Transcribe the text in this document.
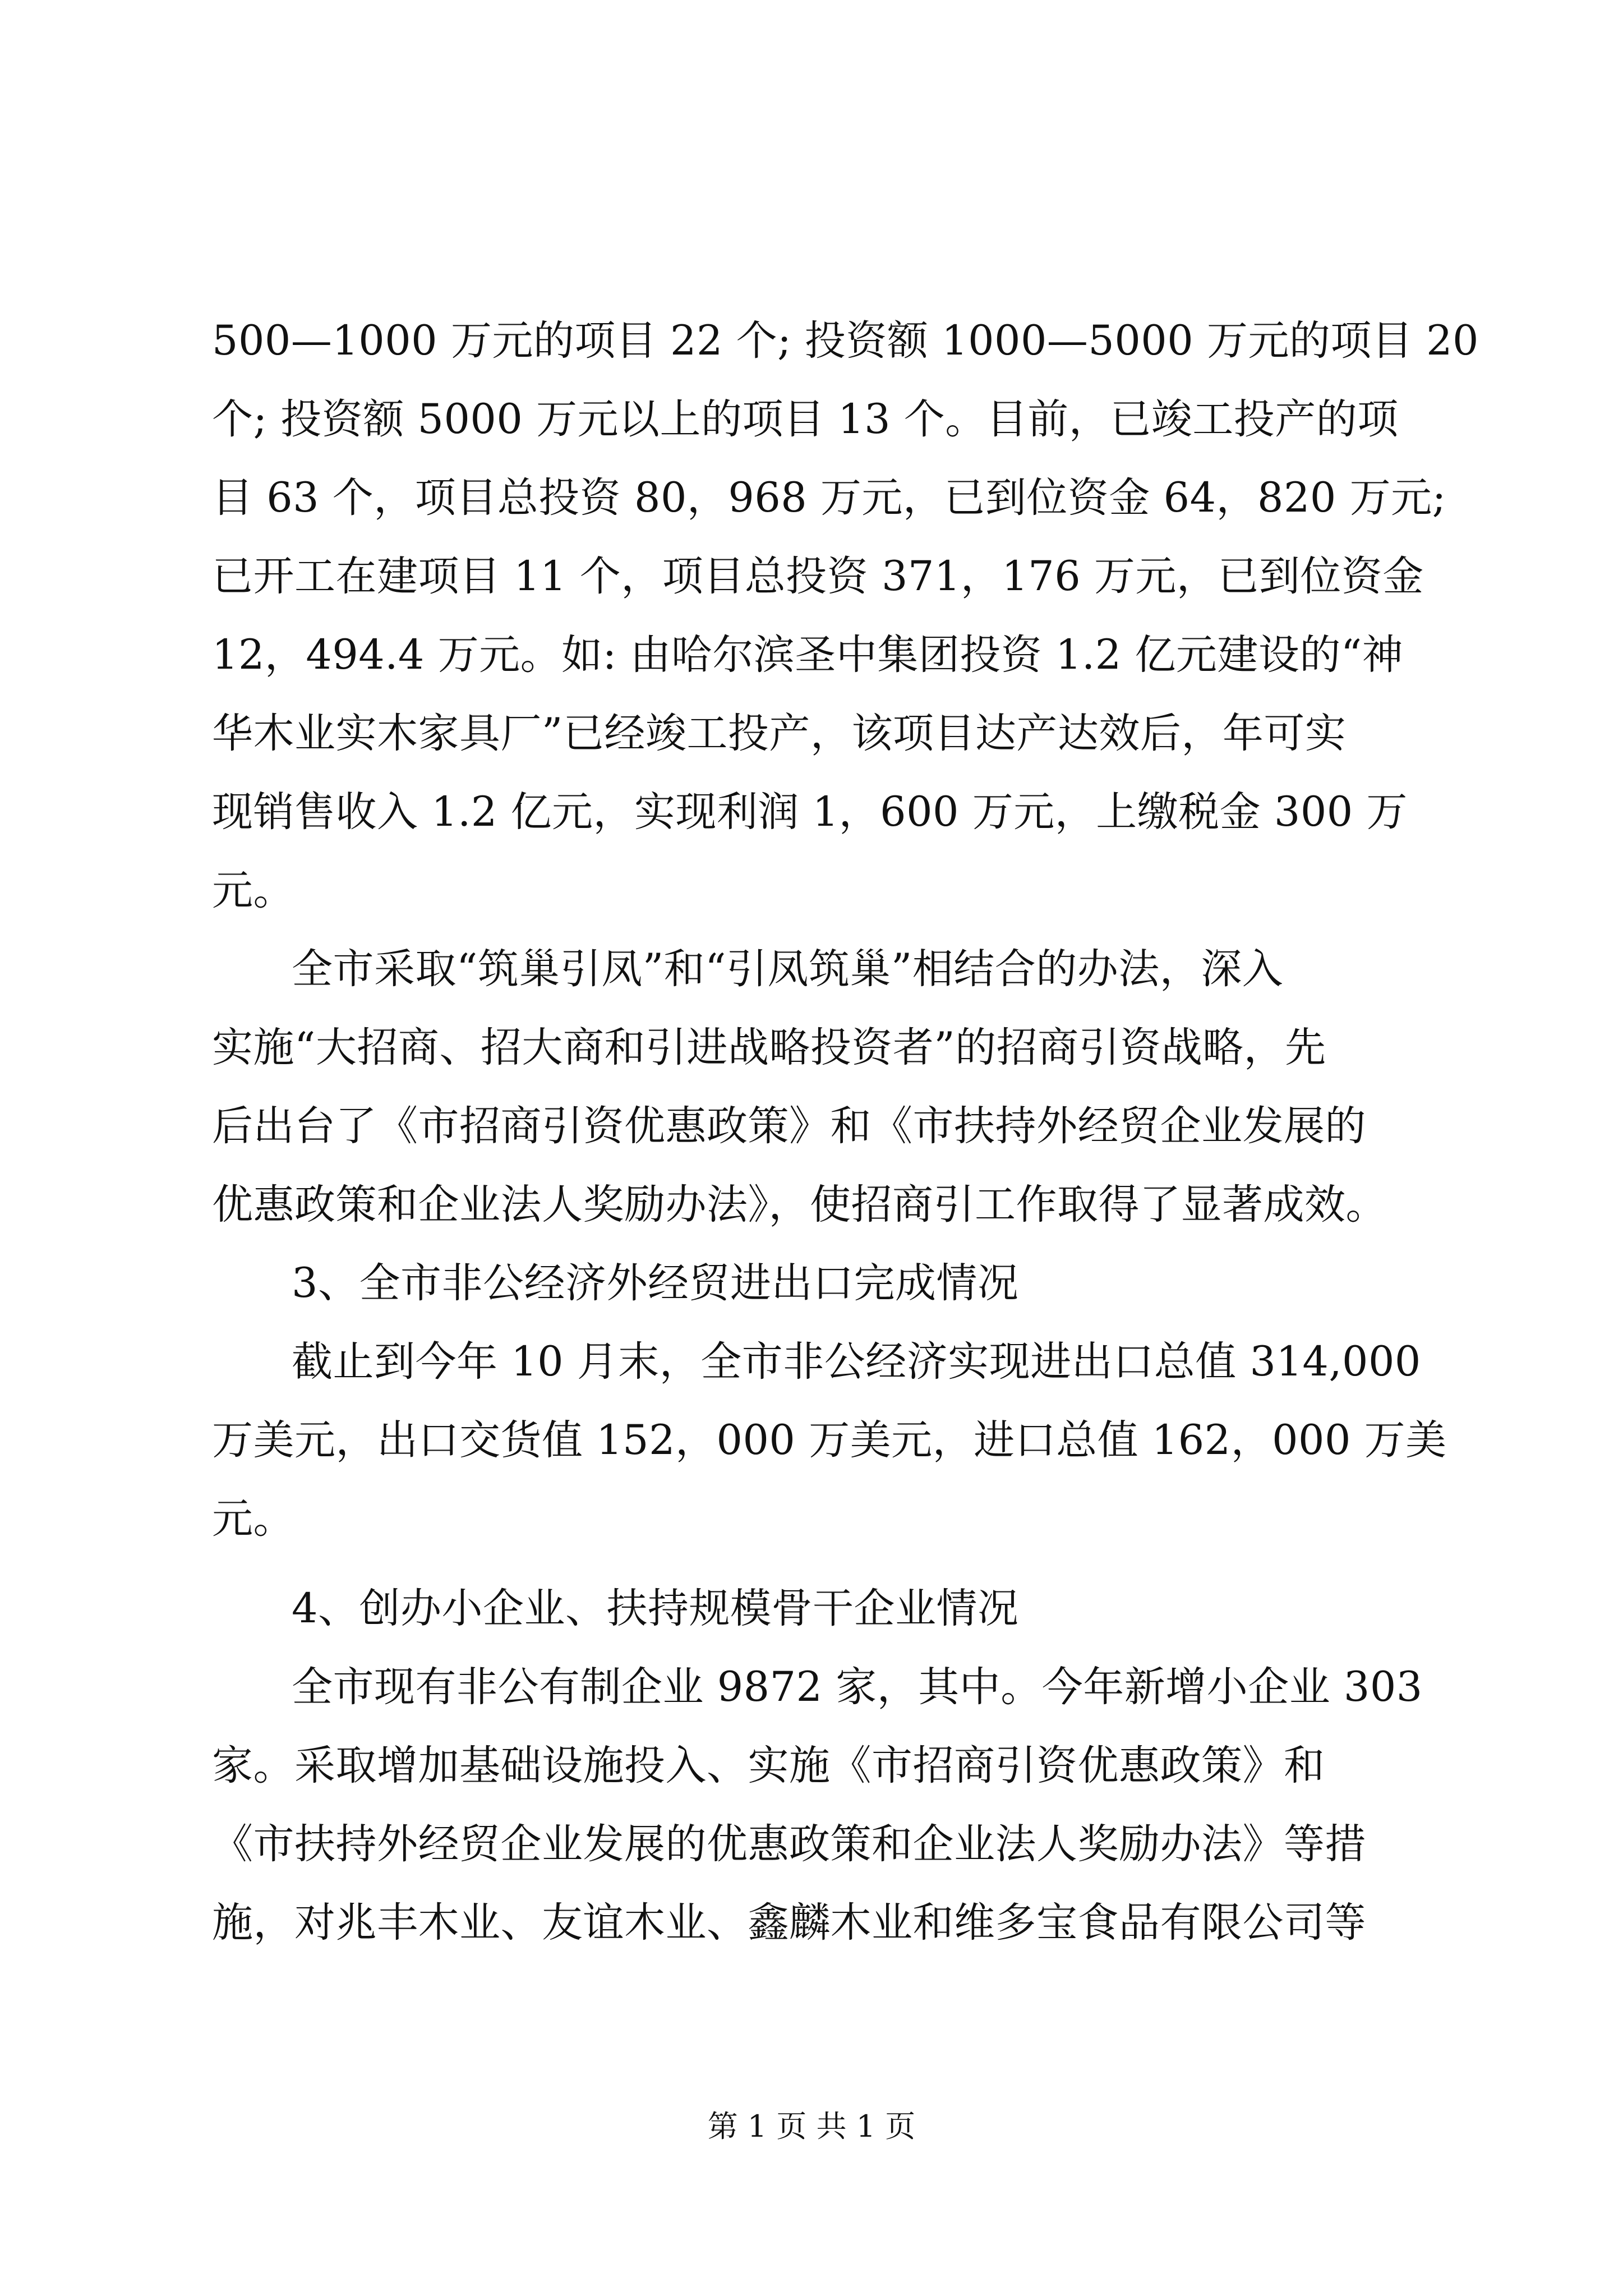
500—1000 万元的项目 22 个; 投资额 1000—5000 万元的项目 20
个; 投资额 5000 万元以上的项目 13 个。目前，已竣工投产的项
目 63 个，项目总投资 80，968 万元，已到位资金 64，820 万元;
已开工在建项目 11 个，项目总投资 371，176 万元，已到位资金
12，494.4 万元。如: 由哈尔滨圣中集团投资 1.2 亿元建设的“神
华木业实木家具厂”已经竣工投产，该项目达产达效后，年可实
现销售收入 1.2 亿元，实现利润 1，600 万元，上缴税金 300 万
元。
全市采取“筑巢引凤”和“引凤筑巢”相结合的办法，深入
实施“大招商、招大商和引进战略投资者”的招商引资战略，先
后出台了《市招商引资优惠政策》和《市扶持外经贸企业发展的
优惠政策和企业法人奖励办法》，使招商引工作取得了显著成效。
3、全市非公经济外经贸进出口完成情况
截止到今年 10 月末，全市非公经济实现进出口总值 314,000
万美元，出口交货值 152，000 万美元，进口总值 162，000 万美
元。
4、创办小企业、扶持规模骨干企业情况
全市现有非公有制企业 9872 家，其中。今年新增小企业 303
家。采取增加基础设施投入、实施《市招商引资优惠政策》和
《市扶持外经贸企业发展的优惠政策和企业法人奖励办法》等措
施，对兆丰木业、友谊木业、鑫麟木业和维多宝食品有限公司等
第 1 页 共 1 页
